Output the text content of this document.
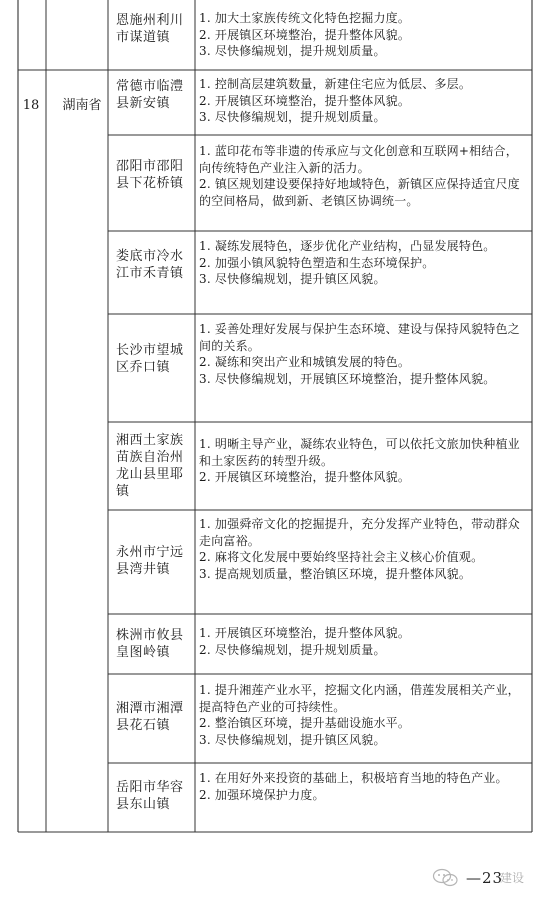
18	湖南省
恩施州利川市谋道镇
1. 加大土家族传统文化特色挖掘力度。
2. 开展镇区环境整治，提升整体风貌。
3. 尽快修编规划，提升规划质量。
常德市临澧县新安镇
1. 控制高层建筑数量，新建住宅应为低层、多层。
2. 开展镇区环境整治，提升整体风貌。
3. 尽快修编规划，提升规划质量。
邵阳市邵阳县下花桥镇
1. 蓝印花布等非遗的传承应与文化创意和互联网+相结合，向传统特色产业注入新的活力。
2. 镇区规划建设要保持好地域特色，新镇区应保持适宜尺度的空间格局，做到新、老镇区协调统一。
娄底市冷水江市禾青镇
1. 凝练发展特色，逐步优化产业结构，凸显发展特色。
2. 加强小镇风貌特色塑造和生态环境保护。
3. 尽快修编规划，提升镇区风貌。
长沙市望城区乔口镇
1. 妥善处理好发展与保护生态环境、建设与保持风貌特色之间的关系。
2. 凝练和突出产业和城镇发展的特色。
3. 尽快修编规划，开展镇区环境整治，提升整体风貌。
湘西土家族苗族自治州龙山县里耶镇
1. 明晰主导产业，凝练农业特色，可以依托文旅加快种植业和土家医药的转型升级。
2. 开展镇区环境整治，提升整体风貌。
永州市宁远县湾井镇
1. 加强舜帝文化的挖掘提升，充分发挥产业特色，带动群众走向富裕。
2. 麻将文化发展中要始终坚持社会主义核心价值观。
3. 提高规划质量，整治镇区环境，提升整体风貌。
株洲市攸县皇图岭镇
1. 开展镇区环境整治，提升整体风貌。
2. 尽快修编规划，提升规划质量。
湘潭市湘潭县花石镇
1. 提升湘莲产业水平，挖掘文化内涵，借莲发展相关产业，提高特色产业的可持续性。
2. 整治镇区环境，提升基础设施水平。
3. 尽快修编规划，提升镇区风貌。
岳阳市华容县东山镇
1. 在用好外来投资的基础上，积极培育当地的特色产业。
2. 加强环境保护力度。
—23
建设
